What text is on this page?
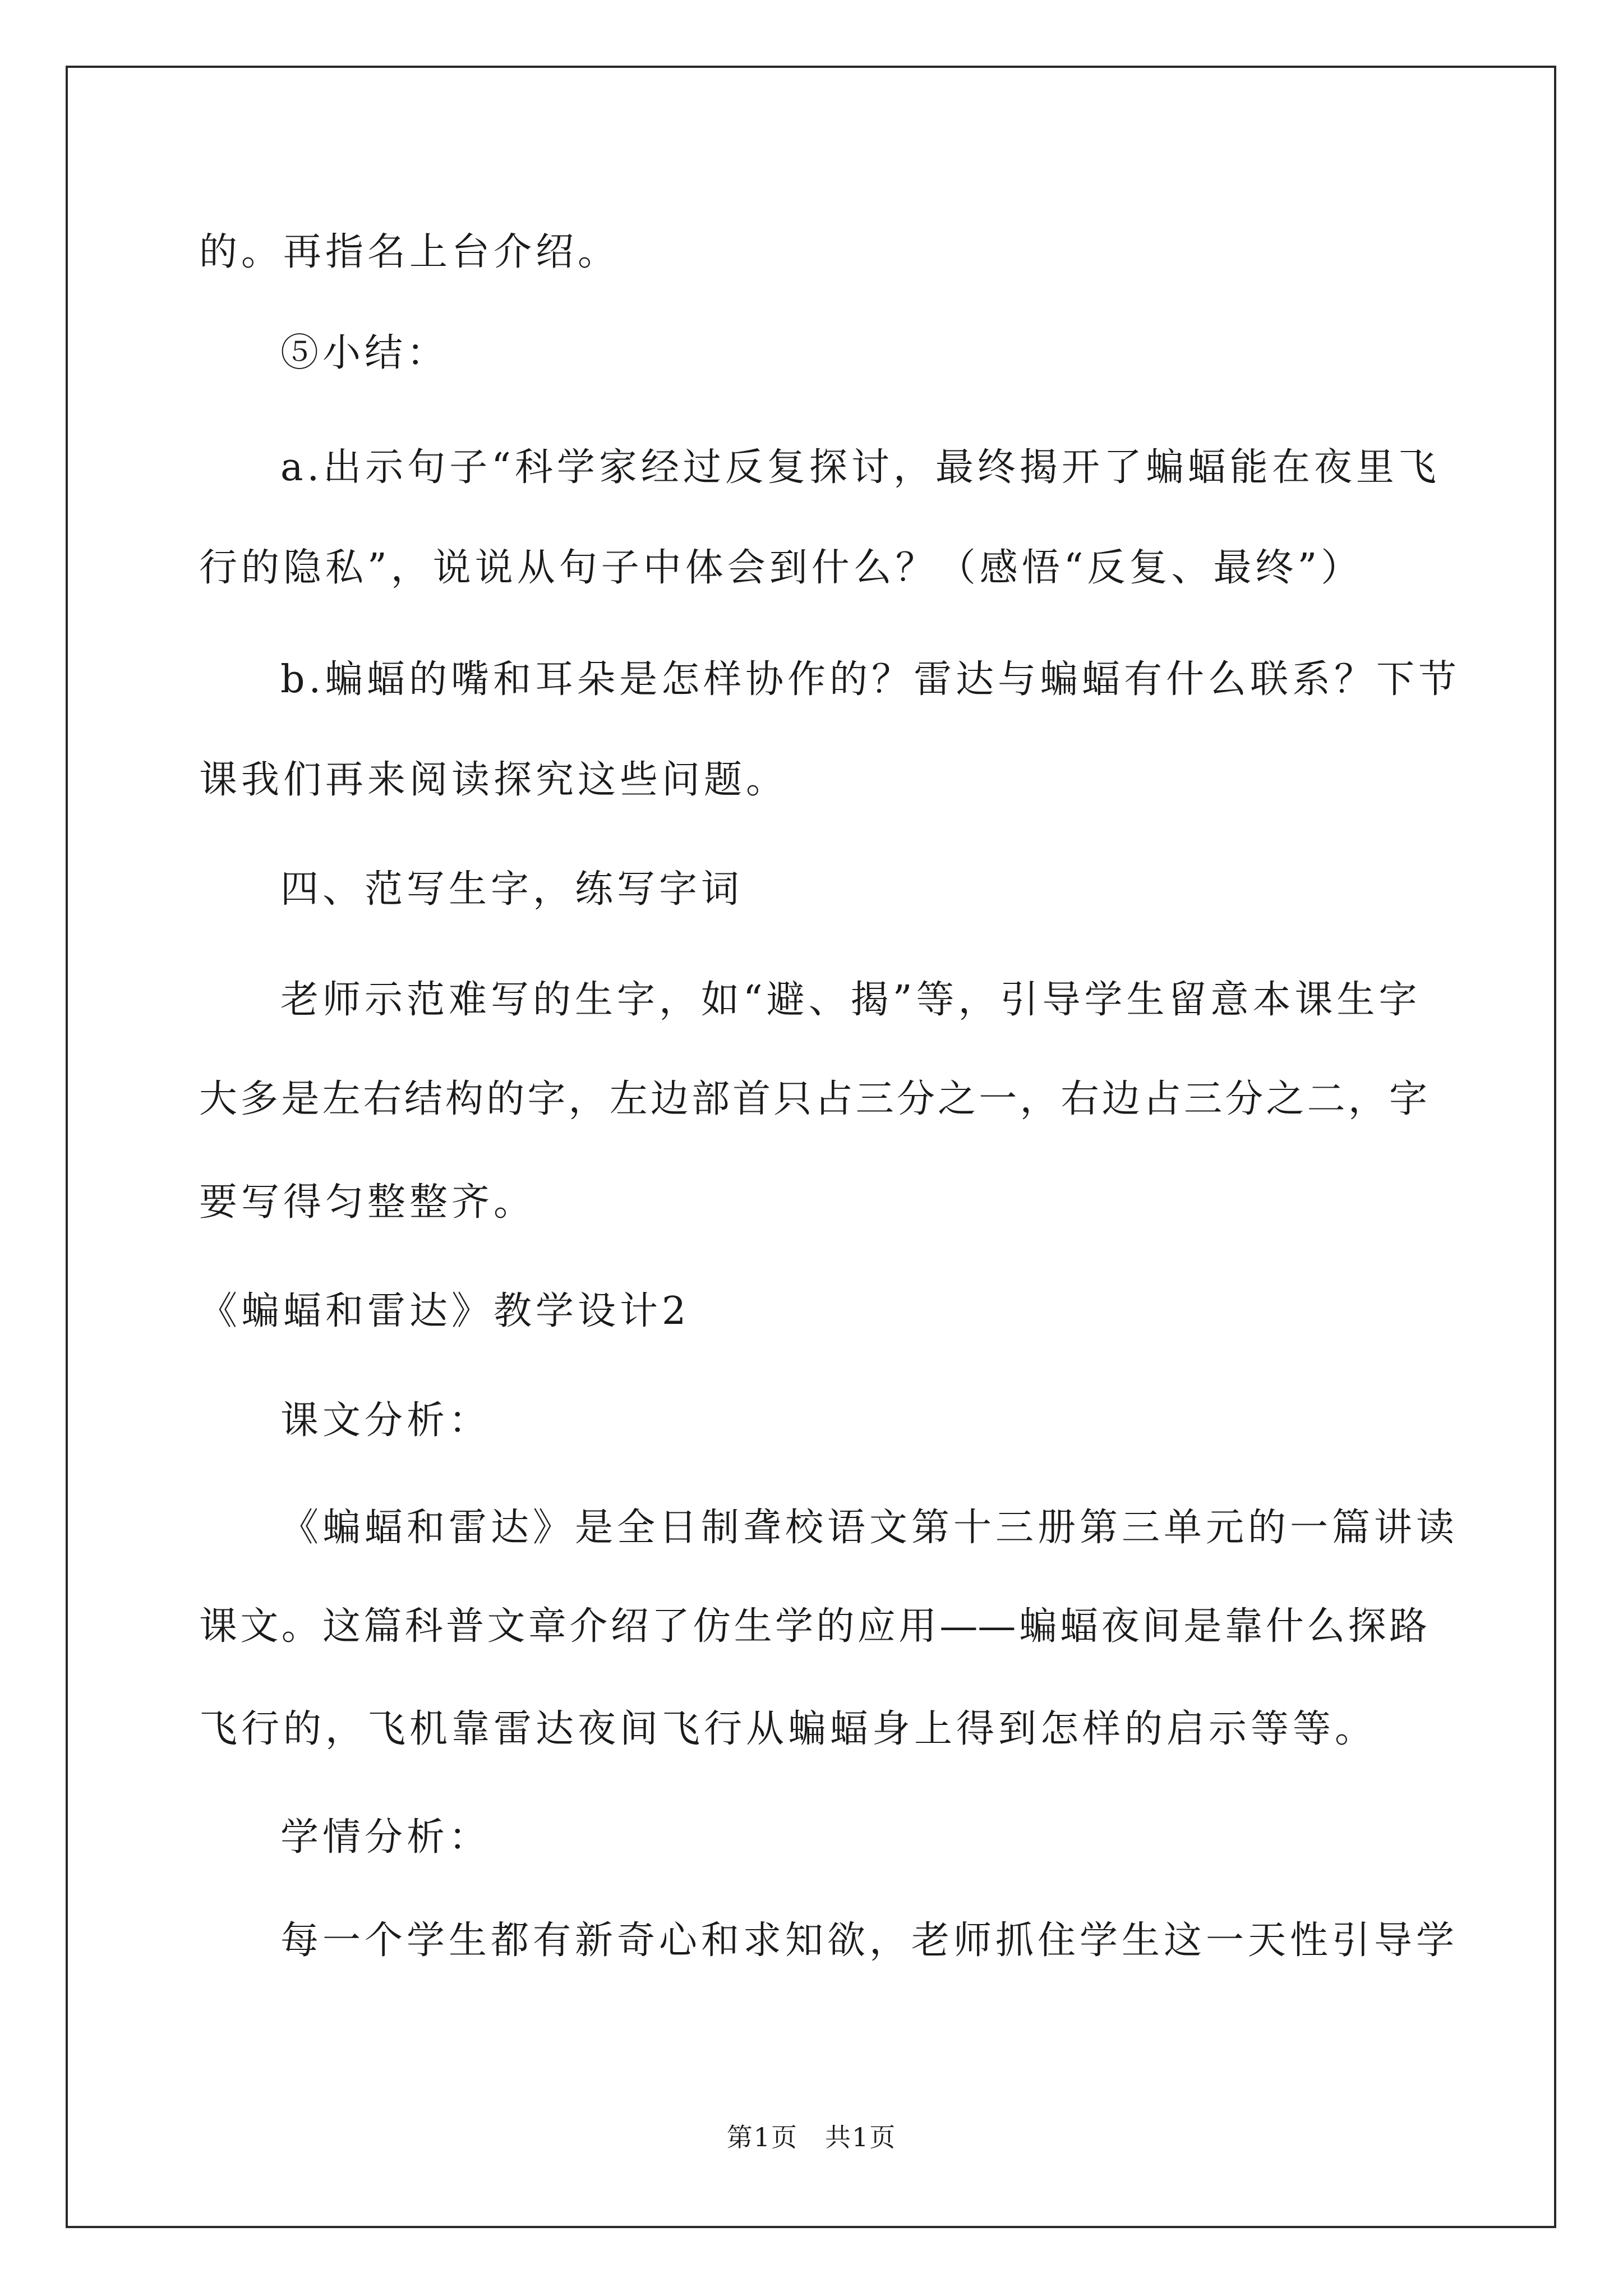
的。再指名上台介绍。
⑤小结：
a.出示句子“科学家经过反复探讨，最终揭开了蝙蝠能在夜里飞
行的隐私”，说说从句子中体会到什么？（感悟“反复、最终”）
b.蝙蝠的嘴和耳朵是怎样协作的？雷达与蝙蝠有什么联系？下节
课我们再来阅读探究这些问题。
四、范写生字，练写字词
老师示范难写的生字，如“避、揭”等，引导学生留意本课生字
大多是左右结构的字，左边部首只占三分之一，右边占三分之二，字
要写得匀整整齐。
《蝙蝠和雷达》教学设计2
课文分析：
《蝙蝠和雷达》是全日制聋校语文第十三册第三单元的一篇讲读
课文。这篇科普文章介绍了仿生学的应用——蝙蝠夜间是靠什么探路
飞行的，飞机靠雷达夜间飞行从蝙蝠身上得到怎样的启示等等。
学情分析：
每一个学生都有新奇心和求知欲，老师抓住学生这一天性引导学
第1页　共1页
